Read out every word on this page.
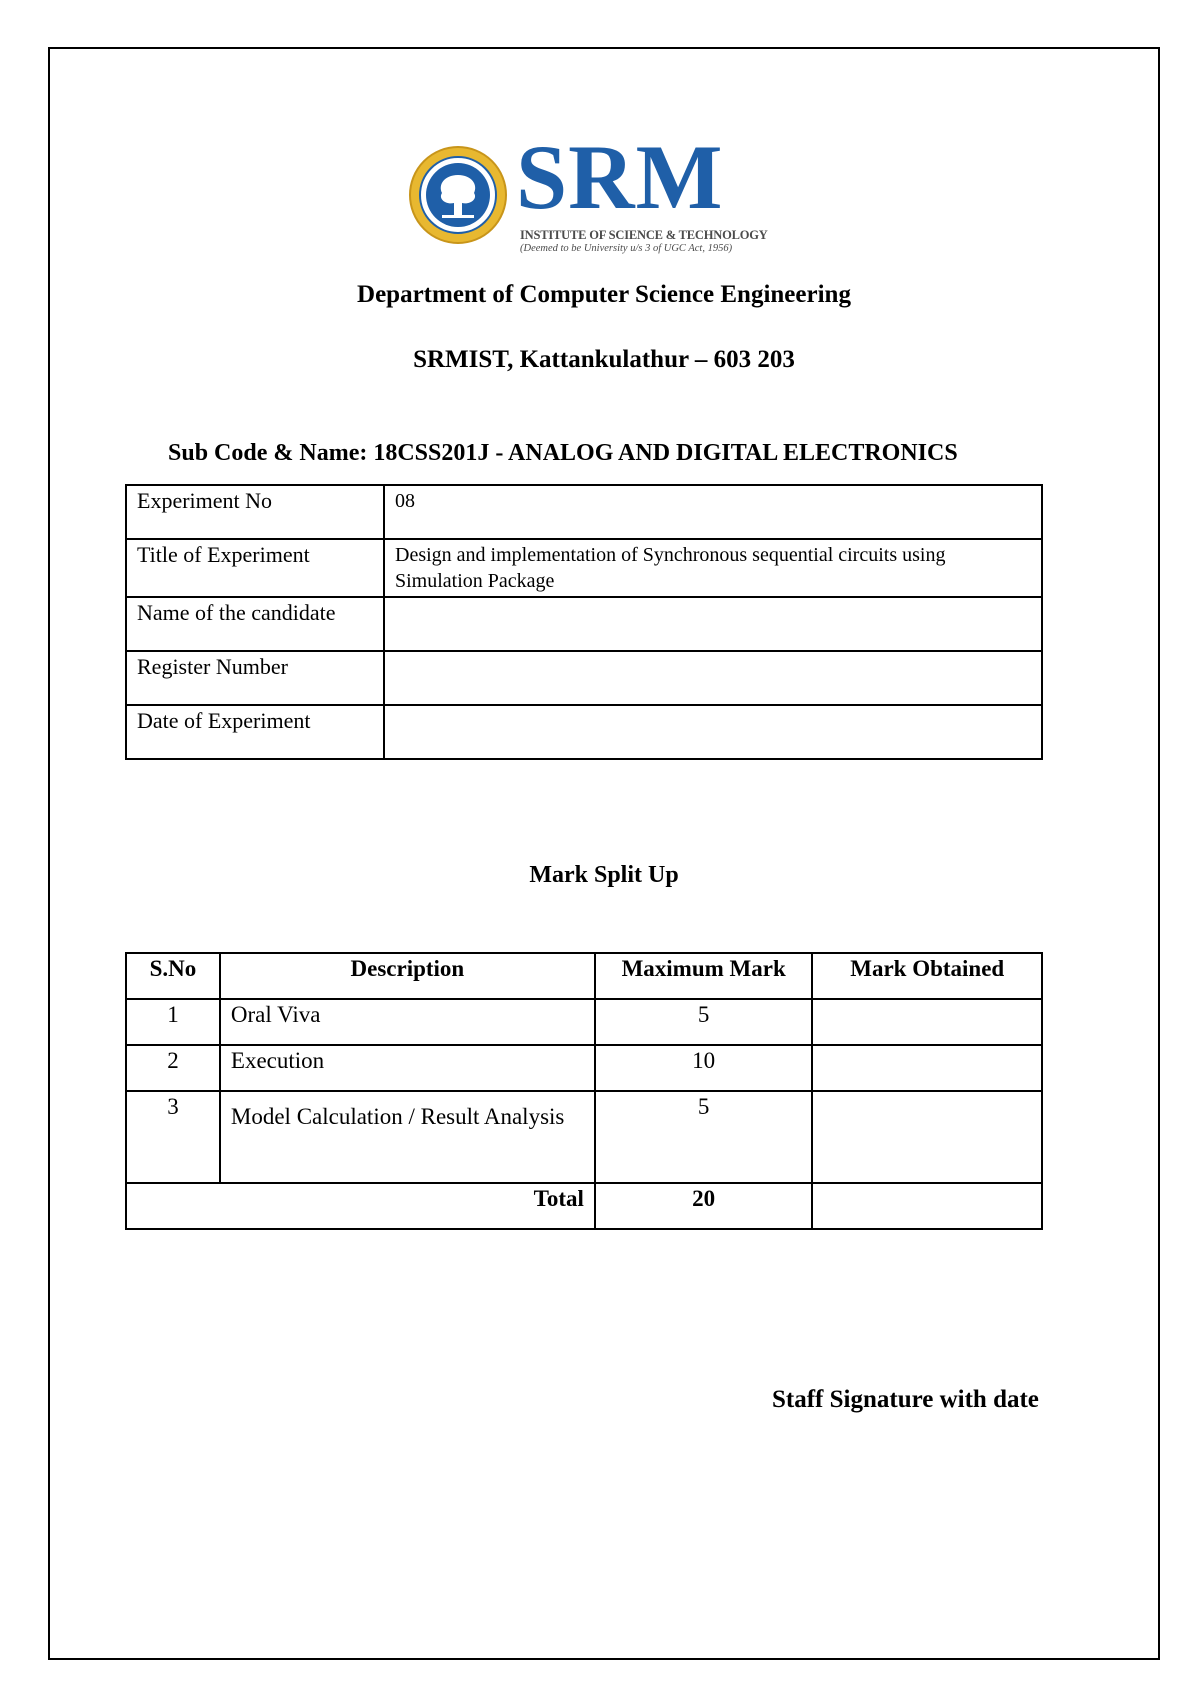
SRM
INSTITUTE OF SCIENCE & TECHNOLOGY
(Deemed to be University u/s 3 of UGC Act, 1956)
Department of Computer Science Engineering
SRMIST, Kattankulathur – 603 203
Sub Code & Name: 18CSS201J - ANALOG AND DIGITAL ELECTRONICS
Experiment No	08
Title of Experiment	Design and implementation of Synchronous sequential circuits using Simulation Package
Name of the candidate	
Register Number	
Date of Experiment	
Mark Split Up
S.No	Description	Maximum Mark	Mark Obtained
1	Oral Viva	5	
2	Execution	10	
3	Model Calculation / Result Analysis	5	
Total		20	
Staff Signature with date
